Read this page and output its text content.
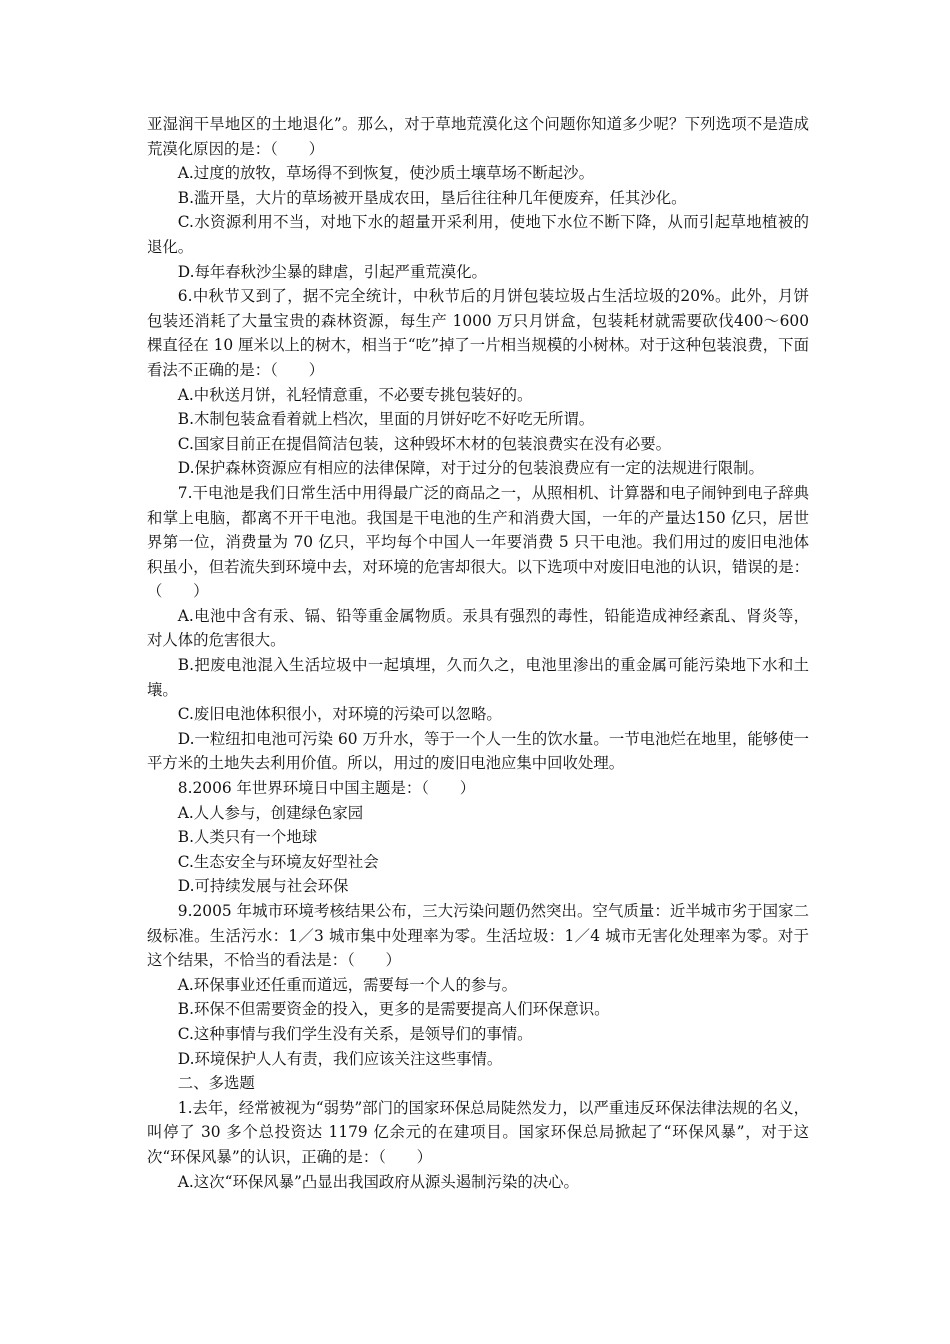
亚湿润干旱地区的土地退化”。那么，对于草地荒漠化这个问题你知道多少呢？下列选项不是造成荒漠化原因的是：（　　）

A.过度的放牧，草场得不到恢复，使沙质土壤草场不断起沙。

B.滥开垦，大片的草场被开垦成农田，垦后往往种几年便废弃，任其沙化。

C.水资源利用不当，对地下水的超量开采利用，使地下水位不断下降，从而引起草地植被的退化。

D.每年春秋沙尘暴的肆虐，引起严重荒漠化。

6.中秋节又到了，据不完全统计，中秋节后的月饼包装垃圾占生活垃圾的20%。此外，月饼包装还消耗了大量宝贵的森林资源，每生产 1000 万只月饼盒，包装耗材就需要砍伐400～600 棵直径在 10 厘米以上的树木，相当于“吃”掉了一片相当规模的小树林。对于这种包装浪费，下面看法不正确的是：（　　）

A.中秋送月饼，礼轻情意重，不必要专挑包装好的。

B.木制包装盒看着就上档次，里面的月饼好吃不好吃无所谓。

C.国家目前正在提倡简洁包装，这种毁坏木材的包装浪费实在没有必要。

D.保护森林资源应有相应的法律保障，对于过分的包装浪费应有一定的法规进行限制。

7.干电池是我们日常生活中用得最广泛的商品之一，从照相机、计算器和电子闹钟到电子辞典和掌上电脑，都离不开干电池。我国是干电池的生产和消费大国，一年的产量达150 亿只，居世界第一位，消费量为 70 亿只，平均每个中国人一年要消费 5 只干电池。我们用过的废旧电池体积虽小，但若流失到环境中去，对环境的危害却很大。以下选项中对废旧电池的认识，错误的是：（　　）

A.电池中含有汞、镉、铅等重金属物质。汞具有强烈的毒性，铅能造成神经紊乱、肾炎等，对人体的危害很大。

B.把废电池混入生活垃圾中一起填埋，久而久之，电池里渗出的重金属可能污染地下水和土壤。

C.废旧电池体积很小，对环境的污染可以忽略。

D.一粒纽扣电池可污染 60 万升水，等于一个人一生的饮水量。一节电池烂在地里，能够使一平方米的土地失去利用价值。所以，用过的废旧电池应集中回收处理。

8.2006 年世界环境日中国主题是：（　　）

A.人人参与，创建绿色家园

B.人类只有一个地球

C.生态安全与环境友好型社会

D.可持续发展与社会环保

9.2005 年城市环境考核结果公布，三大污染问题仍然突出。空气质量：近半城市劣于国家二级标准。生活污水：1／3 城市集中处理率为零。生活垃圾：1／4 城市无害化处理率为零。对于这个结果，不恰当的看法是：（　　）

A.环保事业还任重而道远，需要每一个人的参与。

B.环保不但需要资金的投入，更多的是需要提高人们环保意识。

C.这种事情与我们学生没有关系，是领导们的事情。

D.环境保护人人有责，我们应该关注这些事情。

二、多选题

1.去年，经常被视为“弱势”部门的国家环保总局陡然发力，以严重违反环保法律法规的名义，叫停了 30 多个总投资达 1179 亿余元的在建项目。国家环保总局掀起了“环保风暴”，对于这次“环保风暴”的认识，正确的是：（　　）

A.这次“环保风暴”凸显出我国政府从源头遏制污染的决心。
